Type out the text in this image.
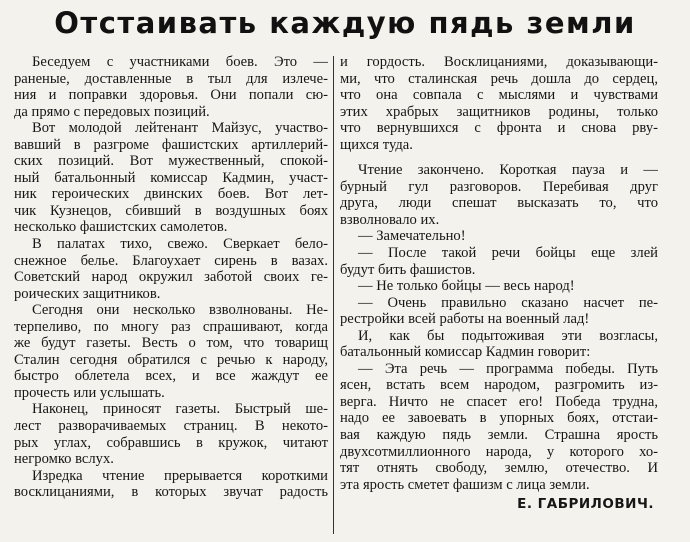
Отстаивать каждую пядь земли
Беседуем с участниками боев. Это —
раненые, доставленные в тыл для излече-
ния и поправки здоровья. Они попали сю-
да прямо с передовых позиций.
Вот молодой лейтенант Майзус, участво-
вавший в разгроме фашистских артиллерий-
ских позиций. Вот мужественный, спокой-
ный батальонный комиссар Кадмин, участ-
ник героических двинских боев. Вот лет-
чик Кузнецов, сбивший в воздушных боях
несколько фашистских самолетов.
В палатах тихо, свежо. Сверкает бело-
снежное белье. Благоухает сирень в вазах.
Советский народ окружил заботой своих ге-
роических защитников.
Сегодня они несколько взволнованы. Не-
терпеливо, по многу раз спрашивают, когда
же будут газеты. Весть о том, что товарищ
Сталин сегодня обратился с речью к народу,
быстро облетела всех, и все жаждут ее
прочесть или услышать.
Наконец, приносят газеты. Быстрый ше-
лест разворачиваемых страниц. В некото-
рых углах, собравшись в кружок, читают
негромко вслух.
Изредка чтение прерывается короткими
восклицаниями, в которых звучат радость
и гордость. Восклицаниями, доказывающи-
ми, что сталинская речь дошла до сердец,
что она совпала с мыслями и чувствами
этих храбрых защитников родины, только
что вернувшихся с фронта и снова рву-
щихся туда.
Чтение закончено. Короткая пауза и —
бурный гул разговоров. Перебивая друг
друга, люди спешат высказать то, что
взволновало их.
— Замечательно!
— После такой речи бойцы еще злей
будут бить фашистов.
— Не только бойцы — весь народ!
— Очень правильно сказано насчет пе-
рестройки всей работы на военный лад!
И, как бы подытоживая эти возгласы,
батальонный комиссар Кадмин говорит:
— Эта речь — программа победы. Путь
ясен, встать всем народом, разгромить из-
верга. Ничто не спасет его! Победа трудна,
надо ее завоевать в упорных боях, отстаи-
вая каждую пядь земли. Страшна ярость
двухсотмиллионного народа, у которого хо-
тят отнять свободу, землю, отечество. И
эта ярость сметет фашизм с лица земли.
Е. ГАБРИЛОВИЧ.
